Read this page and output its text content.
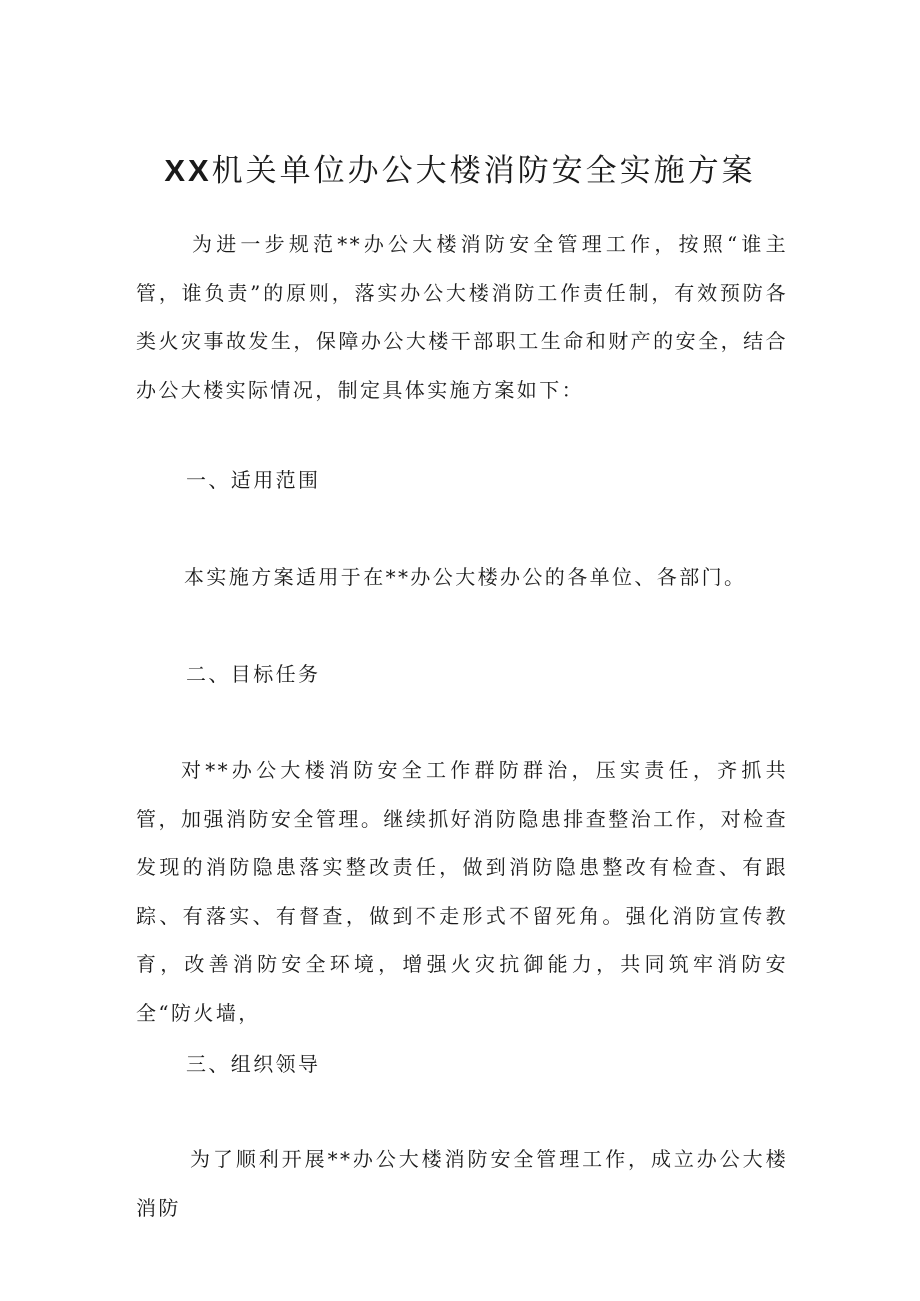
XX机关单位办公大楼消防安全实施方案

为进一步规范**办公大楼消防安全管理工作，按照“谁主管，谁负责”的原则，落实办公大楼消防工作责任制，有效预防各类火灾事故发生，保障办公大楼干部职工生命和财产的安全，结合办公大楼实际情况，制定具体实施方案如下：

一、适用范围

本实施方案适用于在**办公大楼办公的各单位、各部门。

二、目标任务

对**办公大楼消防安全工作群防群治，压实责任，齐抓共管，加强消防安全管理。继续抓好消防隐患排查整治工作，对检查发现的消防隐患落实整改责任，做到消防隐患整改有检查、有跟踪、有落实、有督查，做到不走形式不留死角。强化消防宣传教育，改善消防安全环境，增强火灾抗御能力，共同筑牢消防安全“防火墙，

三、组织领导

为了顺利开展**办公大楼消防安全管理工作，成立办公大楼消防
